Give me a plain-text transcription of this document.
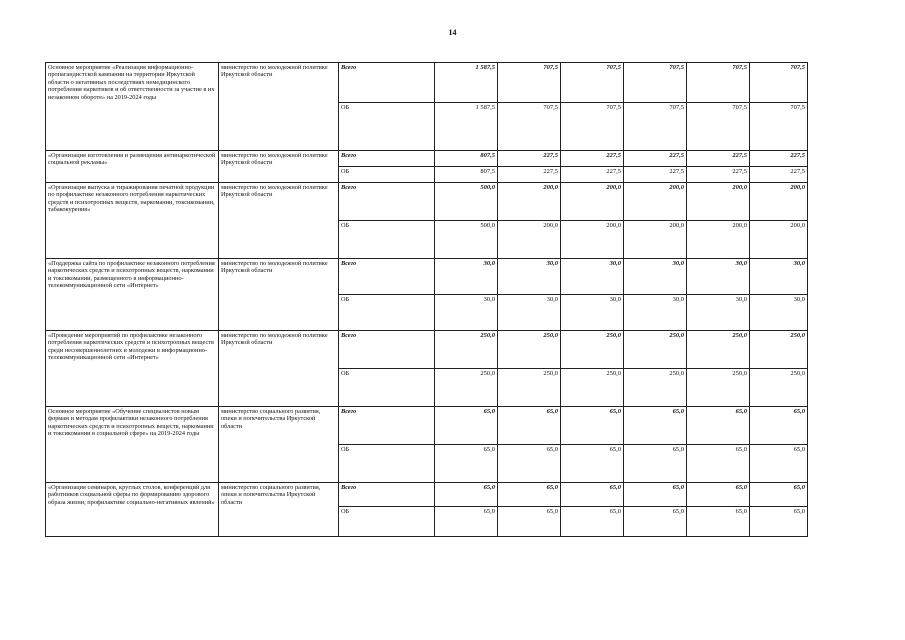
14
Основное мероприятие «Реализация информационно-пропагандистской кампании на территории Иркутской области о негативных последствиях немедицинского потребления наркотиков и об ответственности за участие в их незаконном обороте» на 2019-2024 годы	министерство по молодежной политике Иркутской области	Всего	1 587,5	707,5	707,5	707,5	707,5	707,5
		ОБ	1 587,5	707,5	707,5	707,5	707,5	707,5
«Организация изготовления и размещения антинаркотической социальной рекламы»	министерство по молодежной политике Иркутской области	Всего	807,5	227,5	227,5	227,5	227,5	227,5
		ОБ	807,5	227,5	227,5	227,5	227,5	227,5
«Организация выпуска и тиражирования печатной продукции по профилактике незаконного потребления наркотических средств и психотропных веществ, наркомании, токсикомании, табакокурения»	министерство по молодежной политике Иркутской области	Всего	500,0	200,0	200,0	200,0	200,0	200,0
		ОБ	500,0	200,0	200,0	200,0	200,0	200,0
«Поддержка сайта по профилактике незаконного потребления наркотических средств и психотропных веществ, наркомании и токсикомании, размещенного в информационно-телекоммуникационной сети «Интернет»	министерство по молодежной политике Иркутской области	Всего	30,0	30,0	30,0	30,0	30,0	30,0
		ОБ	30,0	30,0	30,0	30,0	30,0	30,0
«Проведение мероприятий по профилактике незаконного потребления наркотических средств и психотропных веществ среди несовершеннолетних и молодежи в информационно-телекоммуникационной сети «Интернет»	министерство по молодежной политике Иркутской области	Всего	250,0	250,0	250,0	250,0	250,0	250,0
		ОБ	250,0	250,0	250,0	250,0	250,0	250,0
Основное мероприятие «Обучение специалистов новым формам и методам профилактики незаконного потребления наркотических средств и психотропных веществ, наркомании и токсикомании в социальной сфере» на 2019-2024 годы	министерство социального развития, опеки и попечительства Иркутской области	Всего	65,0	65,0	65,0	65,0	65,0	65,0
		ОБ	65,0	65,0	65,0	65,0	65,0	65,0
«Организация семинаров, круглых столов, конференций для работников социальной сферы по формированию здорового образа жизни, профилактике социально-негативных явлений»	министерство социального развития, опеки и попечительства Иркутской области	Всего	65,0	65,0	65,0	65,0	65,0	65,0
		ОБ	65,0	65,0	65,0	65,0	65,0	65,0
